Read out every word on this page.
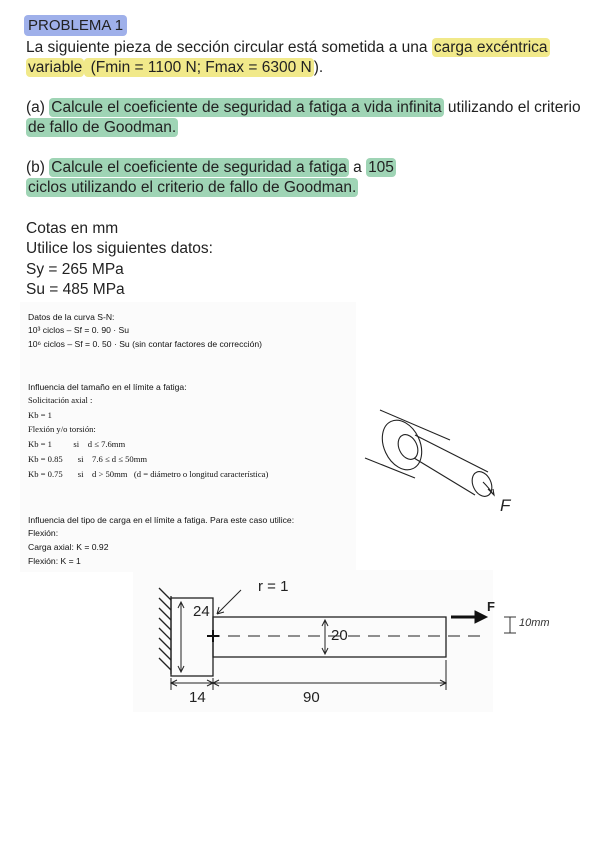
PROBLEMA 1
La siguiente pieza de sección circular está sometida a una carga excéntrica
variable (Fmin = 1100 N; Fmax = 6300 N ).
(a) Calcule el coeficiente de seguridad a fatiga a vida infinita utilizando el criterio
de fallo de Goodman.
(b) Calcule el coeficiente de seguridad a fatiga a 105
ciclos utilizando el criterio de fallo de Goodman.
Cotas en mm
Utilice los siguientes datos:
Sy = 265 MPa
Su = 485 MPa
Datos de la curva S-N:
10³ ciclos – Sf = 0. 90 · Su
10⁶ ciclos – Sf = 0. 50 · Su (sin contar factores de corrección)
Influencia del tamaño en el límite a fatiga:
Solicitación axial :
Kb = 1
Flexión y/o torsión:
Kb = 1          si    d ≤ 7.6mm
Kb = 0.85       si    7.6 ≤ d ≤ 50mm
Kb = 0.75       si    d > 50mm   (d = diámetro o longitud característica)
Influencia del tipo de carga en el límite a fatiga. Para este caso utilice:
Flexión:
Carga axial: K = 0.92
Flexión: K = 1
F
r = 1
24
20
14	90
F
10mm
